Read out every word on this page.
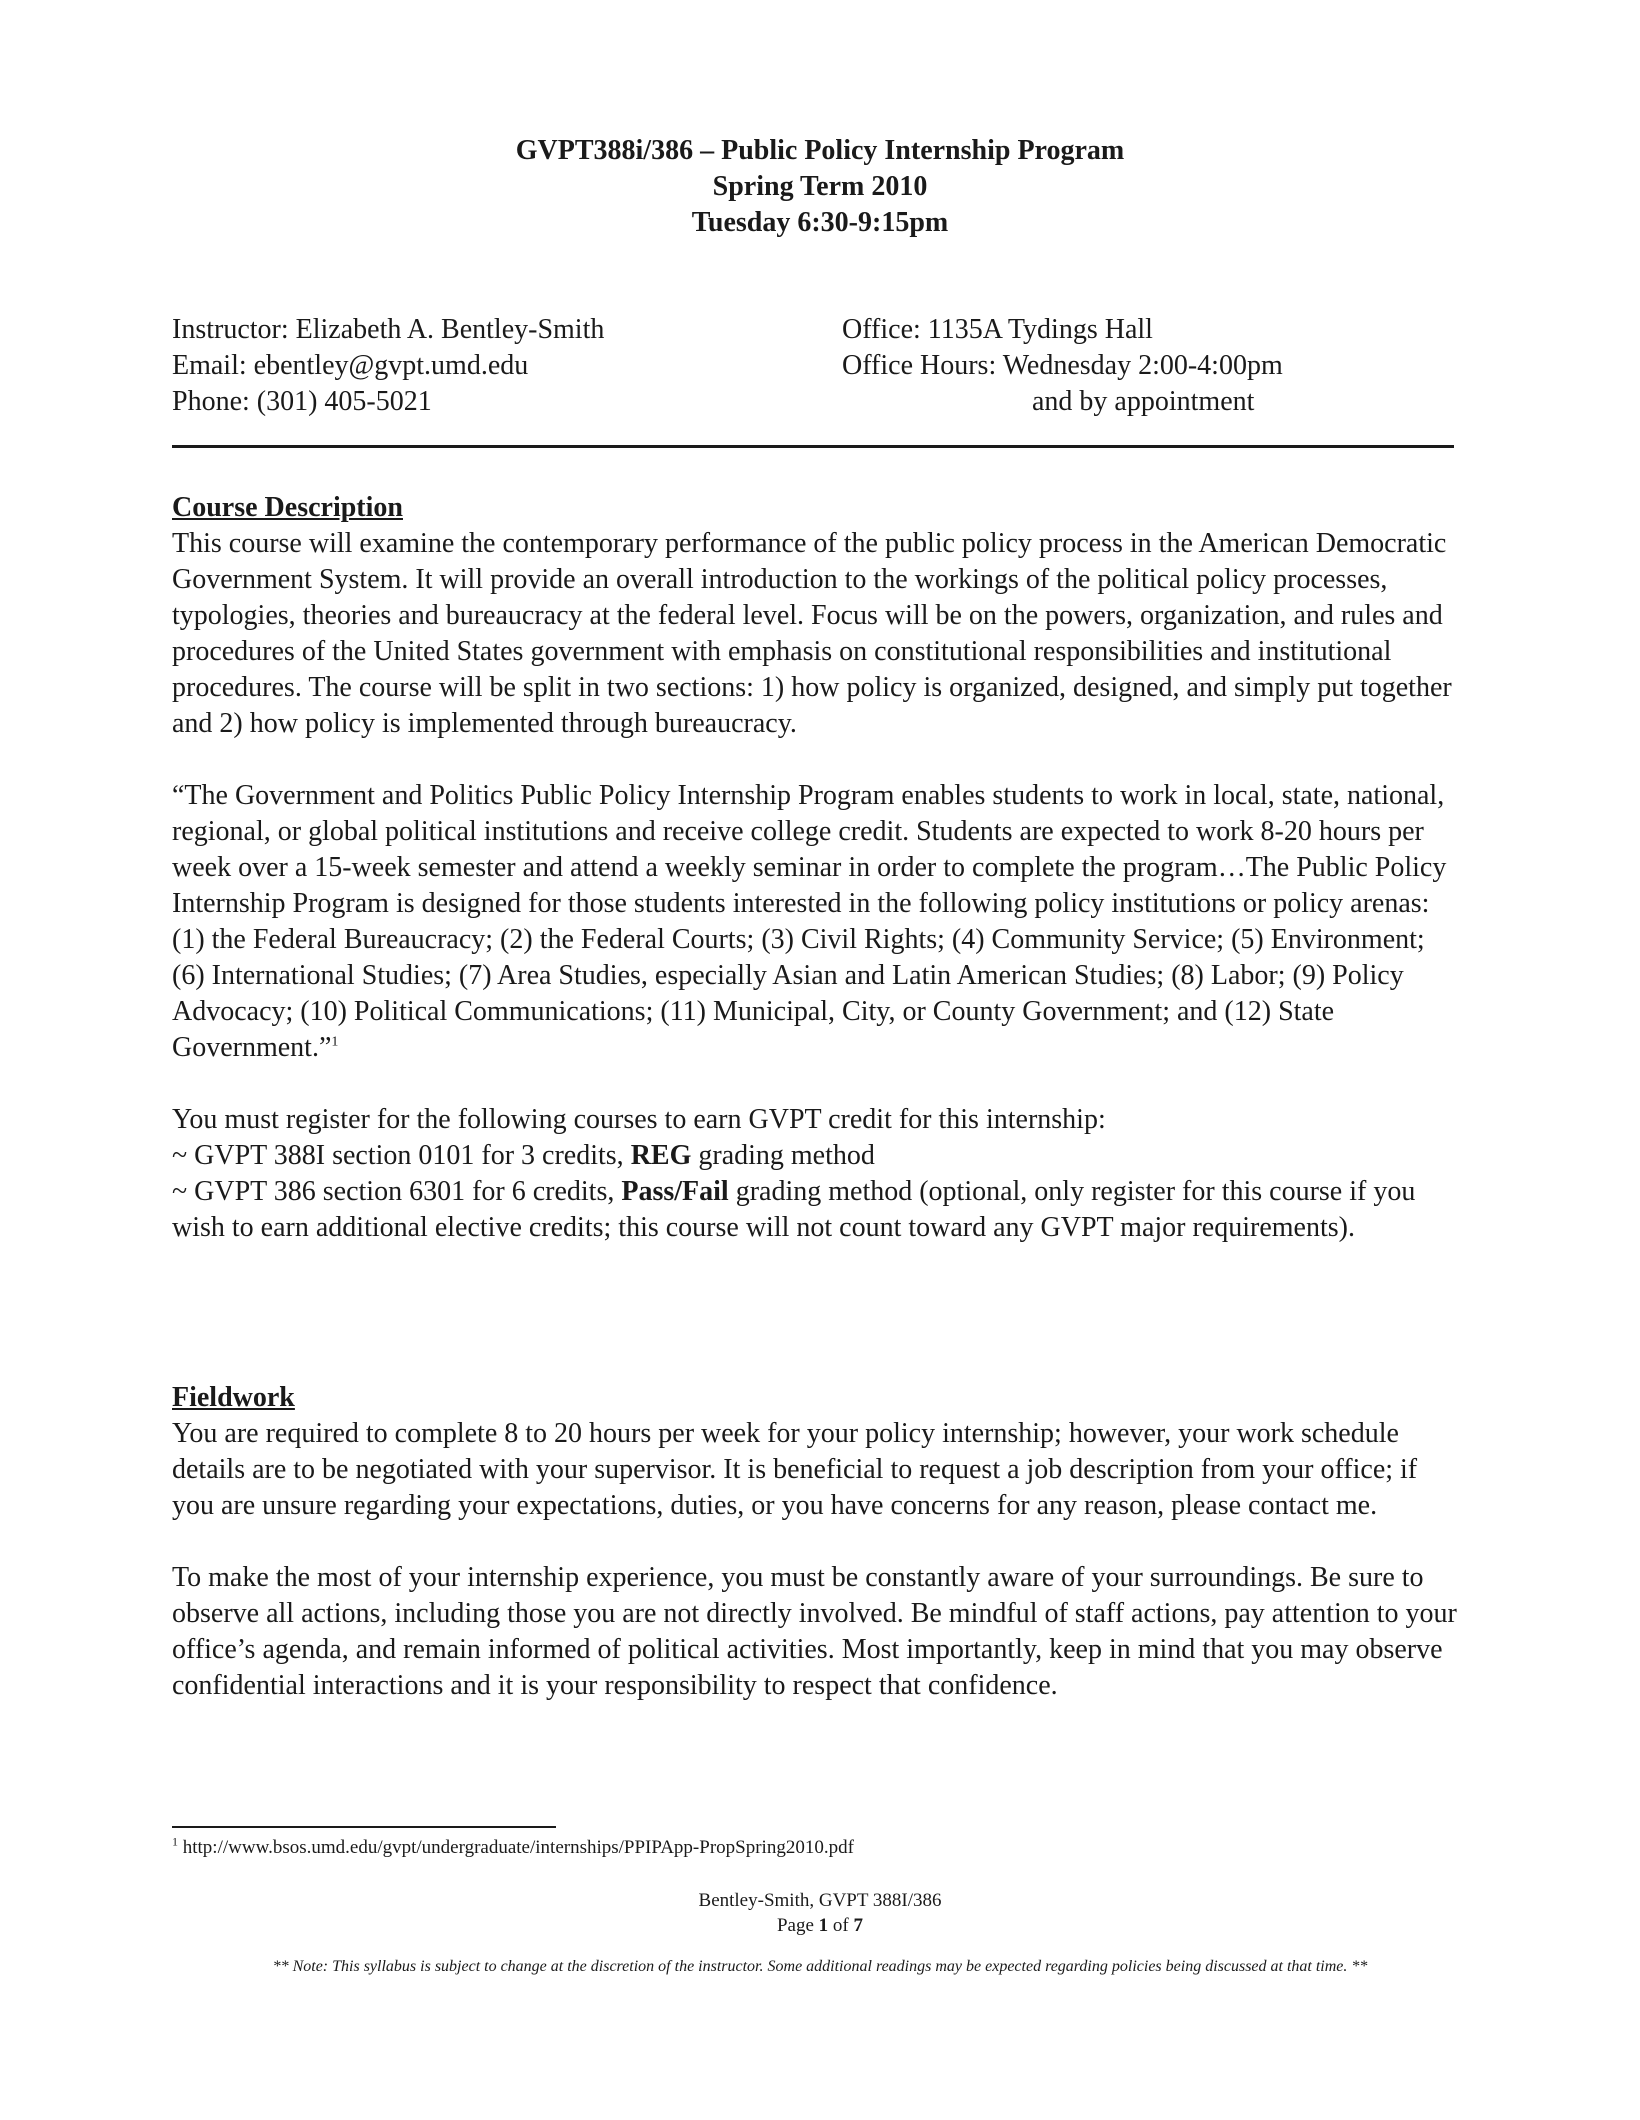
GVPT388i/386 – Public Policy Internship Program
Spring Term 2010
Tuesday 6:30-9:15pm
Instructor: Elizabeth A. Bentley-Smith
Email: ebentley@gvpt.umd.edu
Phone: (301) 405-5021
Office: 1135A Tydings Hall
Office Hours: Wednesday 2:00-4:00pm
and by appointment

Course Description

This course will examine the contemporary performance of the public policy process in the American Democratic Government System. It will provide an overall introduction to the workings of the political policy processes, typologies, theories and bureaucracy at the federal level. Focus will be on the powers, organization, and rules and procedures of the United States government with emphasis on constitutional responsibilities and institutional procedures. The course will be split in two sections: 1) how policy is organized, designed, and simply put together and 2) how policy is implemented through bureaucracy.

“The Government and Politics Public Policy Internship Program enables students to work in local, state, national, regional, or global political institutions and receive college credit. Students are expected to work 8-20 hours per week over a 15-week semester and attend a weekly seminar in order to complete the program…The Public Policy Internship Program is designed for those students interested in the following policy institutions or policy arenas: (1) the Federal Bureaucracy; (2) the Federal Courts; (3) Civil Rights; (4) Community Service; (5) Environment; (6) International Studies; (7) Area Studies, especially Asian and Latin American Studies; (8) Labor; (9) Policy Advocacy; (10) Political Communications; (11) Municipal, City, or County Government; and (12) State Government.”$^1$

You must register for the following courses to earn GVPT credit for this internship:

~ GVPT 388I section 0101 for 3 credits, REG grading method

~ GVPT 386 section 6301 for 6 credits, Pass/Fail grading method (optional, only register for this course if you wish to earn additional elective credits; this course will not count toward any GVPT major requirements).

Fieldwork

You are required to complete 8 to 20 hours per week for your policy internship; however, your work schedule details are to be negotiated with your supervisor. It is beneficial to request a job description from your office; if you are unsure regarding your expectations, duties, or you have concerns for any reason, please contact me.

To make the most of your internship experience, you must be constantly aware of your surroundings. Be sure to observe all actions, including those you are not directly involved. Be mindful of staff actions, pay attention to your office’s agenda, and remain informed of political activities. Most importantly, keep in mind that you may observe confidential interactions and it is your responsibility to respect that confidence.

$^1$ http://www.bsos.umd.edu/gvpt/undergraduate/internships/PPIPApp-PropSpring2010.pdf
Bentley-Smith, GVPT 388I/386
Page 1 of 7
** Note: This syllabus is subject to change at the discretion of the instructor. Some additional readings may be expected regarding policies being discussed at that time. **
